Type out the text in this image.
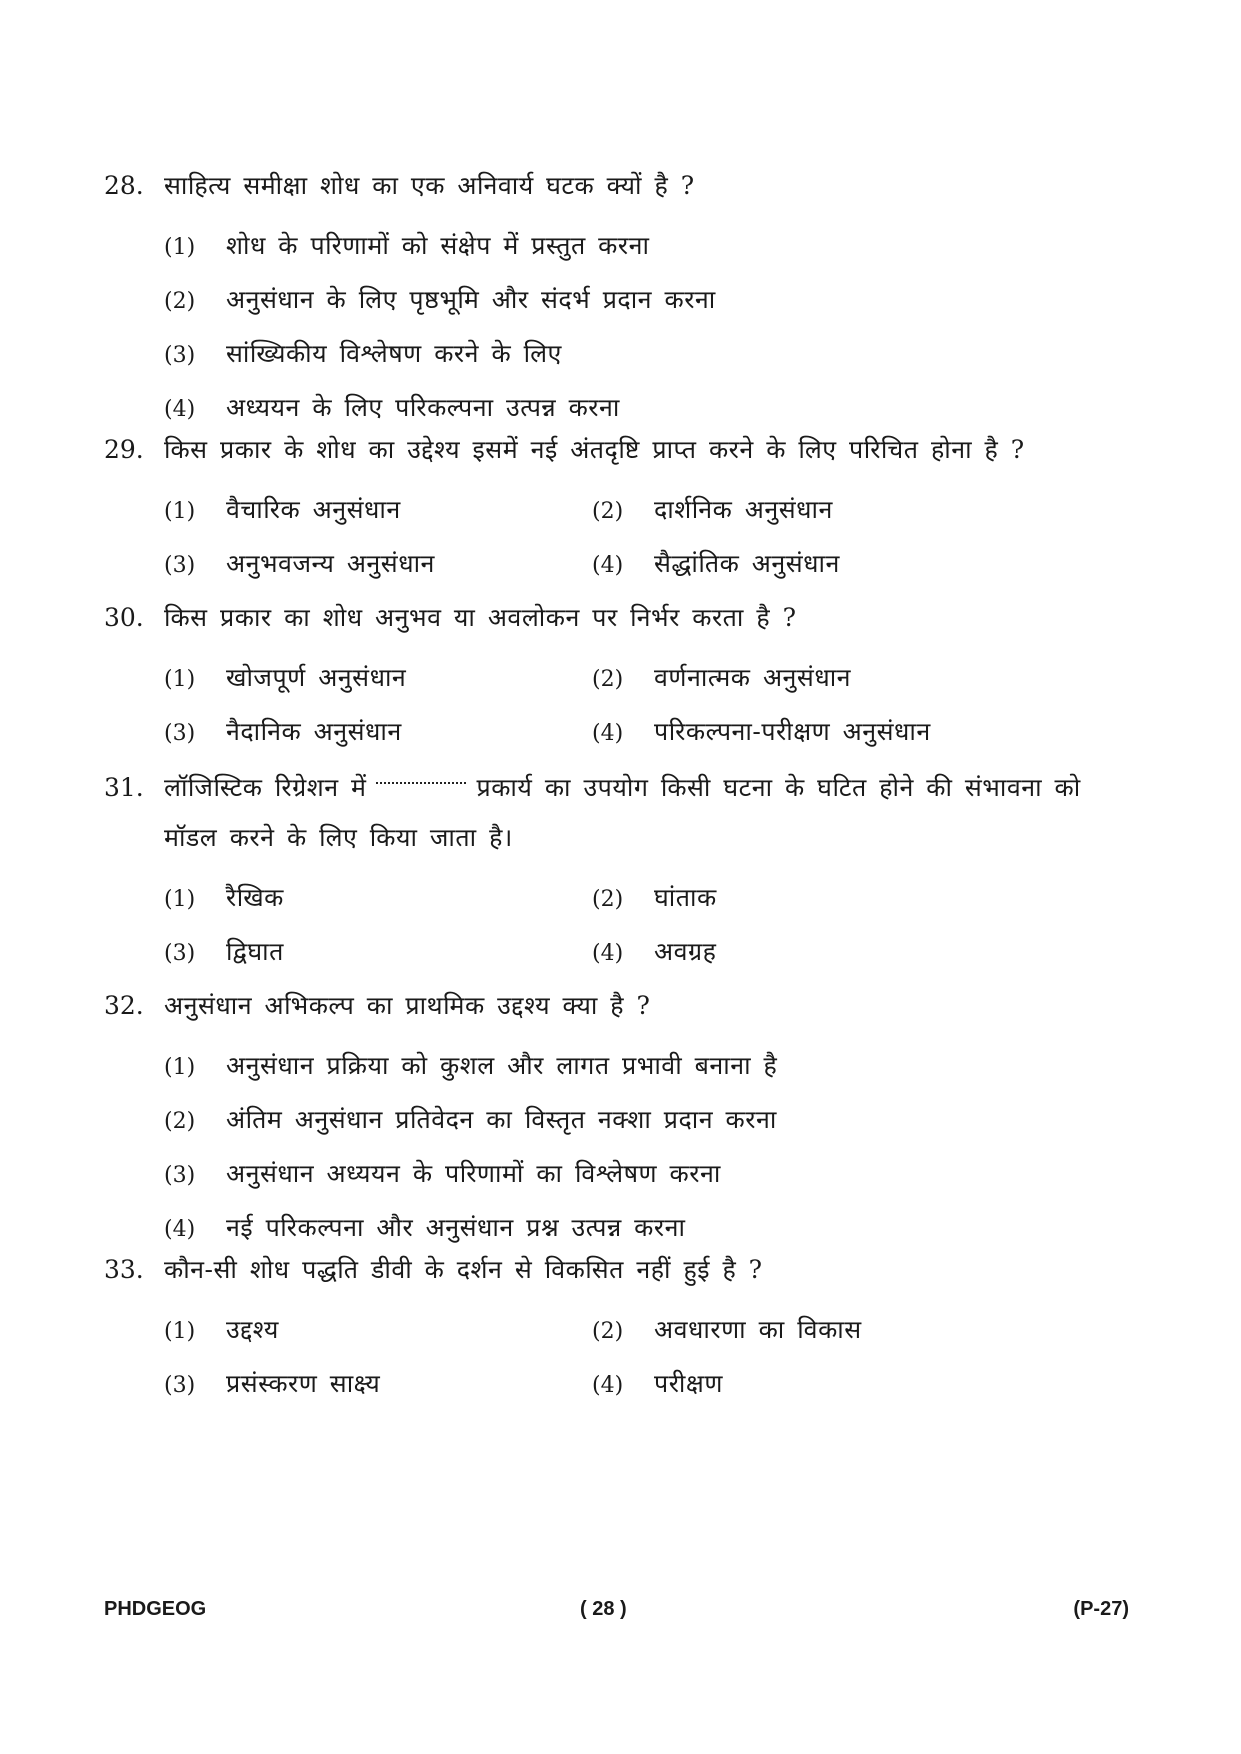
28. साहित्य समीक्षा शोध का एक अनिवार्य घटक क्यों है ?
(1)	शोध के परिणामों को संक्षेप में प्रस्तुत करना
(2)	अनुसंधान के लिए पृष्ठभूमि और संदर्भ प्रदान करना
(3)	सांख्यिकीय विश्लेषण करने के लिए
(4)	अध्ययन के लिए परिकल्पना उत्पन्न करना
29. किस प्रकार के शोध का उद्देश्य इसमें नई अंतदृष्टि प्राप्त करने के लिए परिचित होना है ?
(1)	वैचारिक अनुसंधान	(2)	दार्शनिक अनुसंधान
(3)	अनुभवजन्य अनुसंधान	(4)	सैद्धांतिक अनुसंधान
30. किस प्रकार का शोध अनुभव या अवलोकन पर निर्भर करता है ?
(1)	खोजपूर्ण अनुसंधान	(2)	वर्णनात्मक अनुसंधान
(3)	नैदानिक अनुसंधान	(4)	परिकल्पना-परीक्षण अनुसंधान
31. लॉजिस्टिक रिग्रेशन में	प्रकार्य का उपयोग किसी घटना के घटित होने की संभावना को
मॉडल करने के लिए किया जाता है।
(1)	रैखिक	(2)	घांताक
(3)	द्विघात	(4)	अवग्रह
32. अनुसंधान अभिकल्प का प्राथमिक उद्दश्य क्या है ?
(1)	अनुसंधान प्रक्रिया को कुशल और लागत प्रभावी बनाना है
(2)	अंतिम अनुसंधान प्रतिवेदन का विस्तृत नक्शा प्रदान करना
(3)	अनुसंधान अध्ययन के परिणामों का विश्लेषण करना
(4)	नई परिकल्पना और अनुसंधान प्रश्न उत्पन्न करना
33. कौन-सी शोध पद्धति डीवी के दर्शन से विकसित नहीं हुई है ?
(1)	उद्दश्य	(2)	अवधारणा का विकास
(3)	प्रसंस्करण साक्ष्य	(4)	परीक्षण
PHDGEOG	( 28 )	(P-27)
